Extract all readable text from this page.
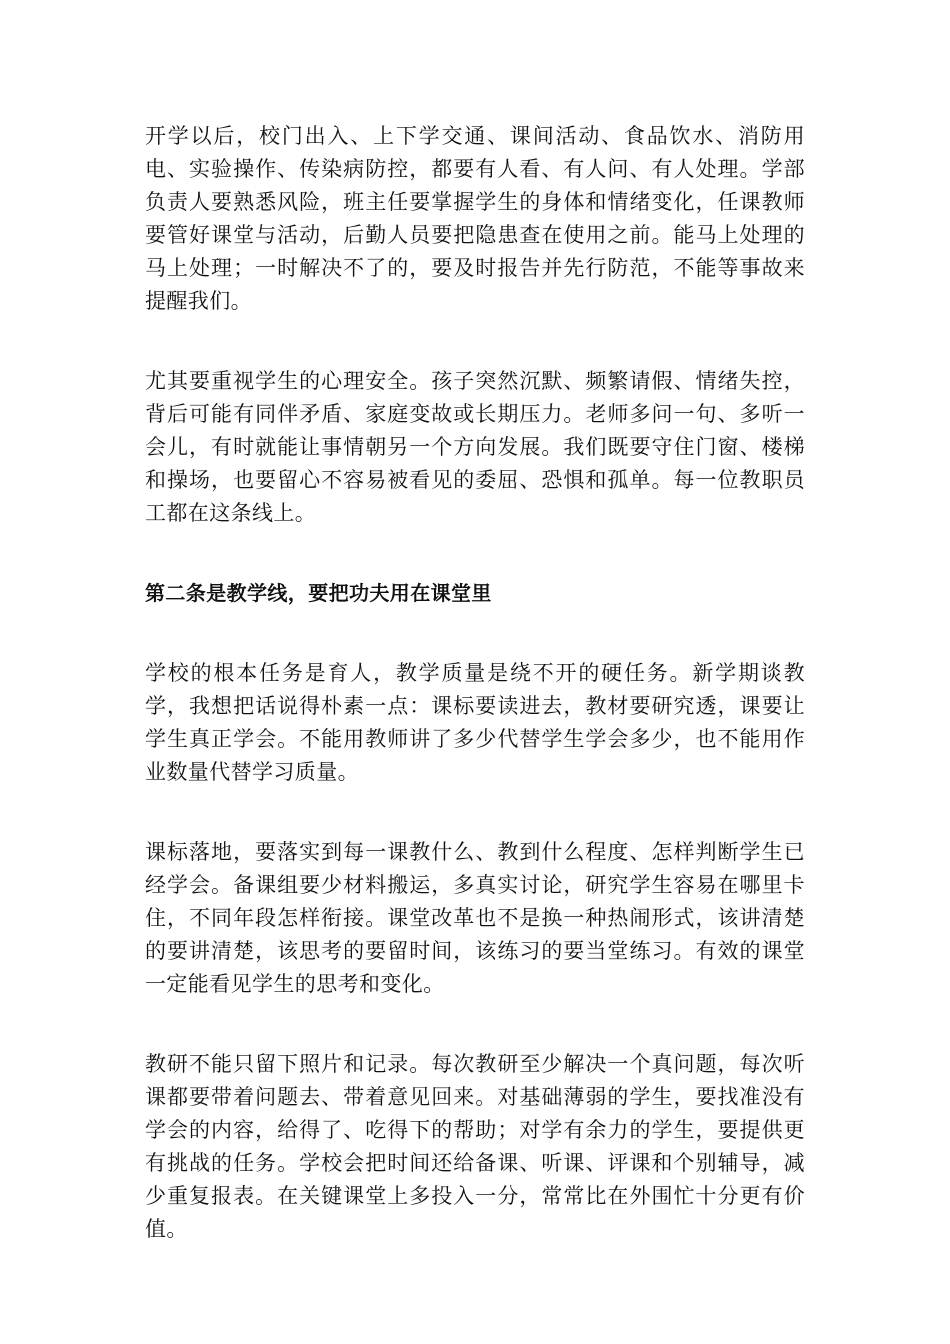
开学以后，校门出入、上下学交通、课间活动、食品饮水、消防用电、实验操作、传染病防控，都要有人看、有人问、有人处理。学部负责人要熟悉风险，班主任要掌握学生的身体和情绪变化，任课教师要管好课堂与活动，后勤人员要把隐患查在使用之前。能马上处理的马上处理；一时解决不了的，要及时报告并先行防范，不能等事故来提醒我们。

尤其要重视学生的心理安全。孩子突然沉默、频繁请假、情绪失控，背后可能有同伴矛盾、家庭变故或长期压力。老师多问一句、多听一会儿，有时就能让事情朝另一个方向发展。我们既要守住门窗、楼梯和操场，也要留心不容易被看见的委屈、恐惧和孤单。每一位教职员工都在这条线上。

第二条是教学线，要把功夫用在课堂里

学校的根本任务是育人，教学质量是绕不开的硬任务。新学期谈教学，我想把话说得朴素一点：课标要读进去，教材要研究透，课要让学生真正学会。不能用教师讲了多少代替学生学会多少，也不能用作业数量代替学习质量。

课标落地，要落实到每一课教什么、教到什么程度、怎样判断学生已经学会。备课组要少材料搬运，多真实讨论，研究学生容易在哪里卡住，不同年段怎样衔接。课堂改革也不是换一种热闹形式，该讲清楚的要讲清楚，该思考的要留时间，该练习的要当堂练习。有效的课堂一定能看见学生的思考和变化。

教研不能只留下照片和记录。每次教研至少解决一个真问题，每次听课都要带着问题去、带着意见回来。对基础薄弱的学生，要找准没有学会的内容，给得了、吃得下的帮助；对学有余力的学生，要提供更有挑战的任务。学校会把时间还给备课、听课、评课和个别辅导，减少重复报表。在关键课堂上多投入一分，常常比在外围忙十分更有价值。
